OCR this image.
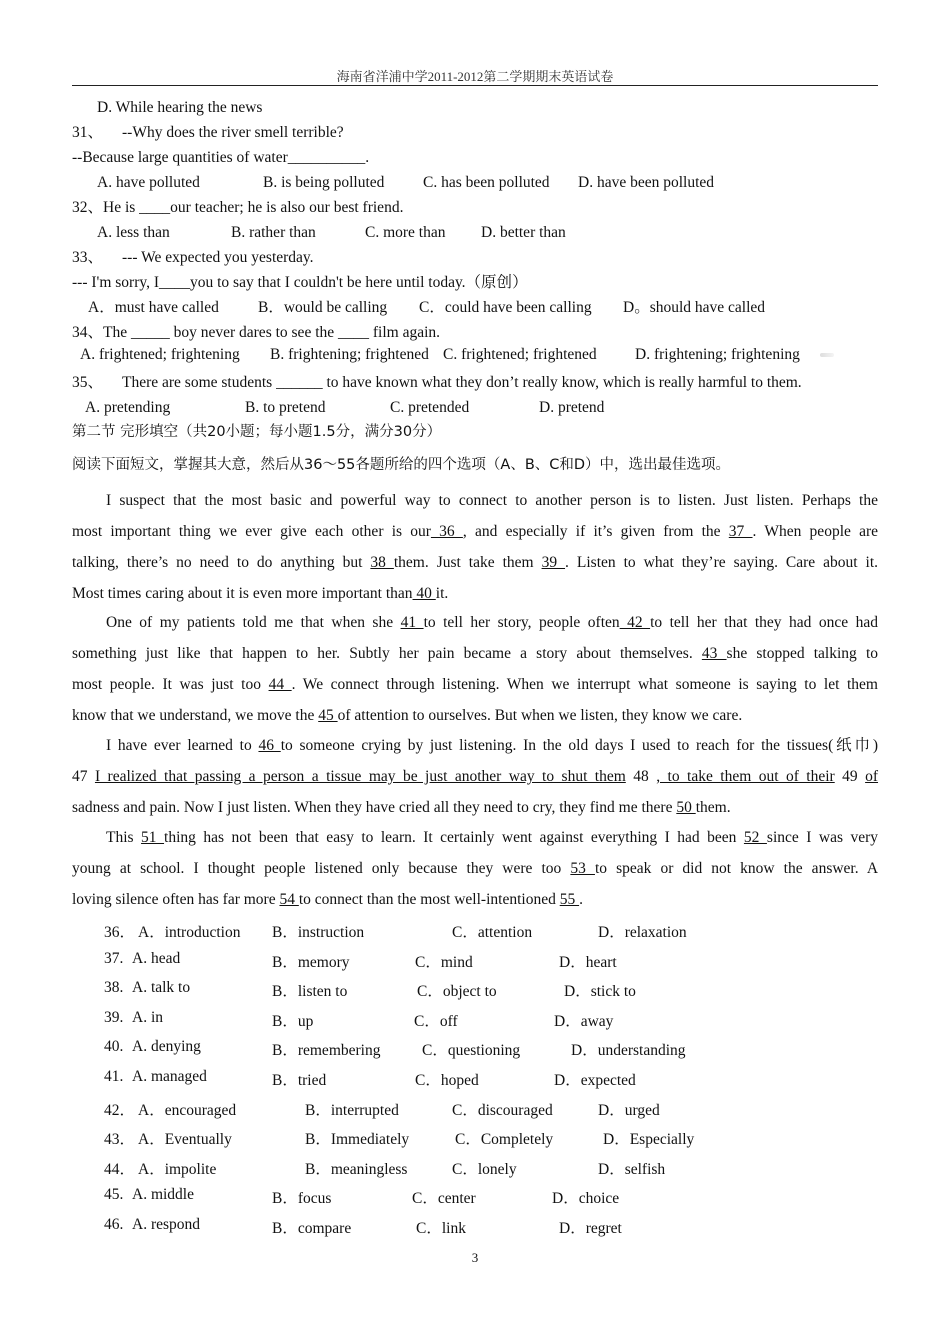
海南省洋浦中学2011-2012第二学期期末英语试卷
D. While hearing the news
31、 --Why does the river smell terrible?
--Because large quantities of water__________.
A. have polluted	B. is being polluted C. has been polluted D. have been polluted
32、He is ____our teacher; he is also our best friend.
A. less than	B. rather than	C. more than D. better than
33、 --- We expected you yesterday.
--- I'm sorry, I____you to say that I couldn't be here until today.（原创）
A．must have called	B．would be calling C．could have been calling D。should have called
34、The _____ boy never dares to see the ____ film again.
A. frightened; frightening B. frightening; frightened C. frightened; frightened D. frightening; frightening
35、 There are some students ______ to have known what they don’t really know, which is really harmful to them.
A. pretending	B. to pretend	C. pretended	D. pretend
第二节 完形填空（共20小题；每小题1.5分，满分30分）
阅读下面短文，掌握其大意，然后从36～55各题所给的四个选项（A、B、C和D）中，选出最佳选项。
I suspect that the most basic and powerful way to connect to another person is to listen. Just listen. Perhaps the
most important thing we ever give each other is our 36 , and especially if it’s given from the 37 . When people are
talking, there’s no need to do anything but 38 them. Just take them 39 . Listen to what they’re saying. Care about it.
Most times caring about it is even more important than 40 it.
One of my patients told me that when she 41 to tell her story, people often 42 to tell her that they had once had
something just like that happen to her. Subtly her pain became a story about themselves. 43 she stopped talking to
most people. It was just too 44 . We connect through listening. When we interrupt what someone is saying to let them
know that we understand, we move the 45 of attention to ourselves. But when we listen, they know we care.
I have ever learned to 46 to someone crying by just listening. In the old days I used to reach for the tissues(纸巾)
47 I realized that passing a person a tissue may be just another way to shut them 48 , to take them out of their 49 of
sadness and pain. Now I just listen. When they have cried all they need to cry, they find me there 50 them.
This 51 thing has not been that easy to learn. It certainly went against everything I had been 52 since I was very
young at school. I thought people listened only because they were too 53 to speak or did not know the answer. A
loving silence often has far more 54 to connect than the most well-intentioned 55 .
36． A．introduction B．instruction	C．attention	D．relaxation
37. A. head	B．memory	C．mind	D．heart
38. A. talk to	B．listen to	C．object to	D．stick to
39. A. in	B．up	C．off	D．away
40. A. denying	B．remembering	C．questioning	D．understanding
41. A. managed	B．tried	C．hoped	D．expected
42． A．encouraged	B．interrupted	C．discouraged	D．urged
43． A．Eventually	B．Immediately	C．Completely	D．Especially
44． A．impolite	B．meaningless	C．lonely	D．selfish
45. A. middle	B．focus	C．center	D．choice
46. A. respond	B．compare	C．link	D．regret
3
